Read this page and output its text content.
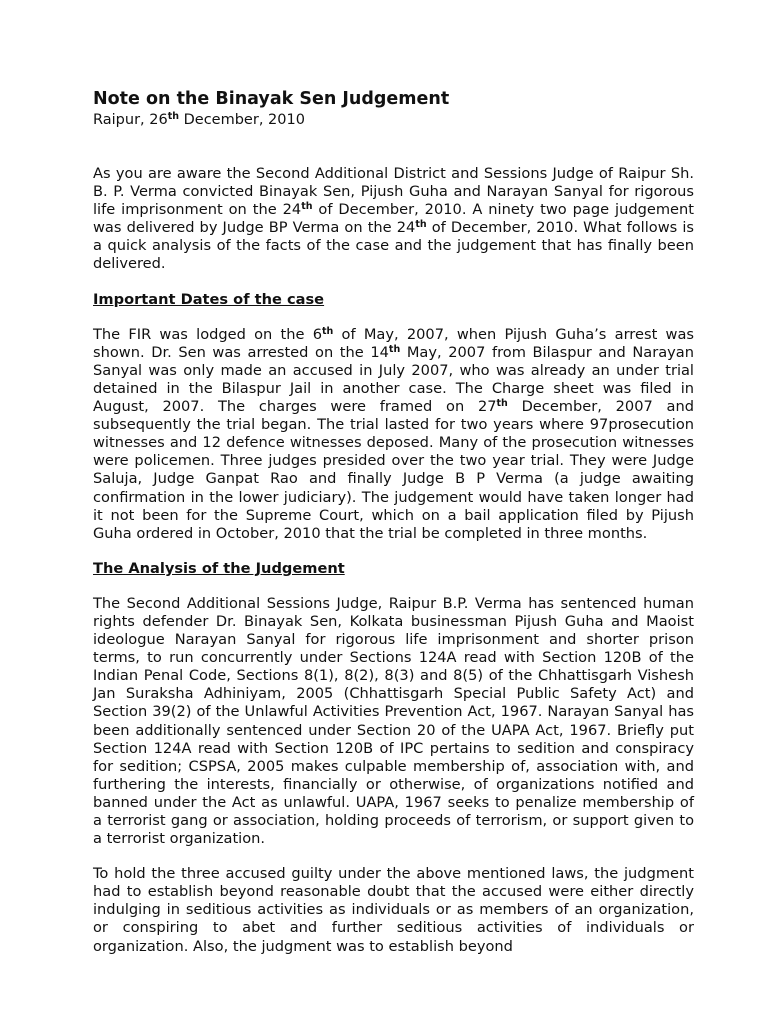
Note on the Binayak Sen Judgement

Raipur, 26th December, 2010

As you are aware the Second Additional District and Sessions Judge of Raipur Sh. B. P. Verma convicted Binayak Sen, Pijush Guha and Narayan Sanyal for rigorous life imprisonment on the 24th of December, 2010. A ninety two page judgement was delivered by Judge BP Verma on the 24th of December, 2010. What follows is a quick analysis of the facts of the case and the judgement that has finally been delivered.

Important Dates of the case

The FIR was lodged on the 6th of May, 2007, when Pijush Guha’s arrest was shown. Dr. Sen was arrested on the 14th May, 2007 from Bilaspur and Narayan Sanyal was only made an accused in July 2007, who was already an under trial detained in the Bilaspur Jail in another case. The Charge sheet was filed in August, 2007. The charges were framed on 27th December, 2007 and subsequently the trial began. The trial lasted for two years where 97prosecution witnesses and 12 defence witnesses deposed. Many of the prosecution witnesses were policemen. Three judges presided over the two year trial. They were Judge Saluja, Judge Ganpat Rao and finally Judge B P Verma (a judge awaiting confirmation in the lower judiciary). The judgement would have taken longer had it not been for the Supreme Court, which on a bail application filed by Pijush Guha ordered in October, 2010 that the trial be completed in three months.

The Analysis of the Judgement

The Second Additional Sessions Judge, Raipur B.P. Verma has sentenced human rights defender Dr. Binayak Sen, Kolkata businessman Pijush Guha and Maoist ideologue Narayan Sanyal for rigorous life imprisonment and shorter prison terms, to run concurrently under Sections 124A read with Section 120B of the Indian Penal Code, Sections 8(1), 8(2), 8(3) and 8(5) of the Chhattisgarh Vishesh Jan Suraksha Adhiniyam, 2005 (Chhattisgarh Special Public Safety Act) and Section 39(2) of the Unlawful Activities Prevention Act, 1967. Narayan Sanyal has been additionally sentenced under Section 20 of the UAPA Act, 1967. Briefly put Section 124A read with Section 120B of IPC pertains to sedition and conspiracy for sedition; CSPSA, 2005 makes culpable membership of, association with, and furthering the interests, financially or otherwise, of organizations notified and banned under the Act as unlawful. UAPA, 1967 seeks to penalize membership of a terrorist gang or association, holding proceeds of terrorism, or support given to a terrorist organization.

To hold the three accused guilty under the above mentioned laws, the judgment had to establish beyond reasonable doubt that the accused were either directly indulging in seditious activities as individuals or as members of an organization, or conspiring to abet and further seditious activities of individuals or organization. Also, the judgment was to establish beyond
